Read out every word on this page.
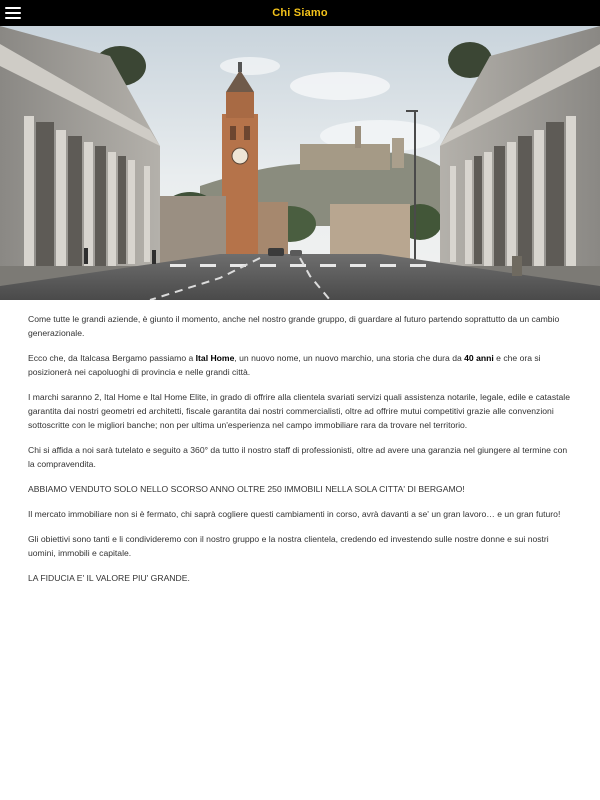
Chi Siamo

Come tutte le grandi aziende, è giunto il momento, anche nel nostro grande gruppo, di guardare al futuro partendo soprattutto da un cambio generazionale.

Ecco che, da Italcasa Bergamo passiamo a Ital Home, un nuovo nome, un nuovo marchio, una storia che dura da 40 anni e che ora si posizionerà nei capoluoghi di provincia e nelle grandi città.

I marchi saranno 2, Ital Home e Ital Home Elite, in grado di offrire alla clientela svariati servizi quali assistenza notarile, legale, edile e catastale garantita dai nostri geometri ed architetti, fiscale garantita dai nostri commercialisti, oltre ad offrire mutui competitivi grazie alle convenzioni sottoscritte con le migliori banche; non per ultima un'esperienza nel campo immobiliare rara da trovare nel territorio.

Chi si affida a noi sarà tutelato e seguito a 360° da tutto il nostro staff di professionisti, oltre ad avere una garanzia nel giungere al termine con la compravendita.

ABBIAMO VENDUTO SOLO NELLO SCORSO ANNO OLTRE 250 IMMOBILI NELLA SOLA CITTA' DI BERGAMO!

Il mercato immobiliare non si è fermato, chi saprà cogliere questi cambiamenti in corso, avrà davanti a se' un gran lavoro… e un gran futuro!

Gli obiettivi sono tanti e li condivideremo con il nostro gruppo e la nostra clientela, credendo ed investendo sulle nostre donne e sui nostri uomini, immobili e capitale.

LA FIDUCIA E' IL VALORE PIU' GRANDE.
